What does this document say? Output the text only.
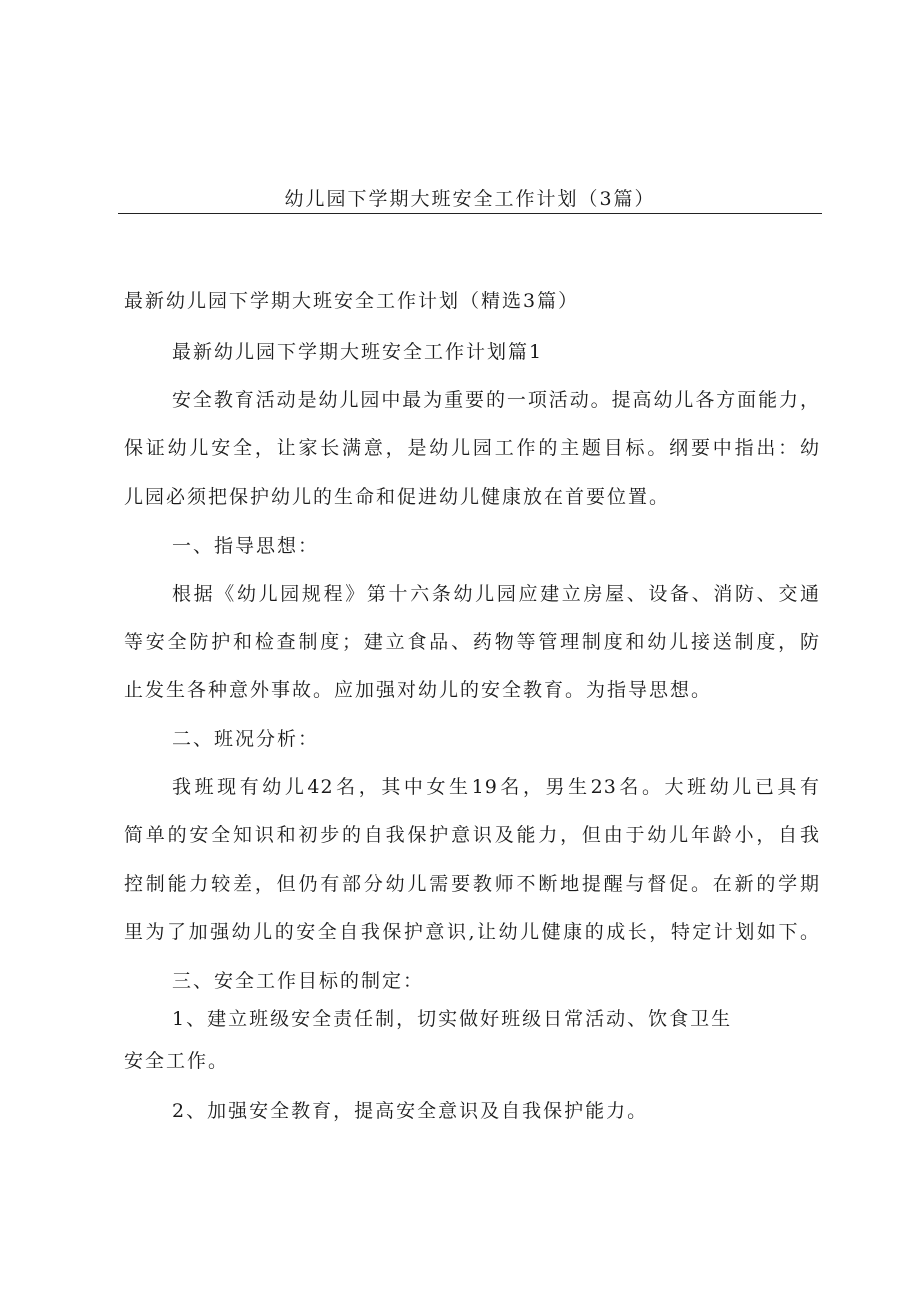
幼儿园下学期大班安全工作计划（3篇）
最新幼儿园下学期大班安全工作计划（精选3篇）
最新幼儿园下学期大班安全工作计划篇1
安全教育活动是幼儿园中最为重要的一项活动。提高幼儿各方面能力，
保证幼儿安全，让家长满意，是幼儿园工作的主题目标。纲要中指出：幼
儿园必须把保护幼儿的生命和促进幼儿健康放在首要位置。
一、指导思想：
根据《幼儿园规程》第十六条幼儿园应建立房屋、设备、消防、交通
等安全防护和检查制度；建立食品、药物等管理制度和幼儿接送制度，防
止发生各种意外事故。应加强对幼儿的安全教育。为指导思想。
二、班况分析：
我班现有幼儿42名，其中女生19名，男生23名。大班幼儿已具有
简单的安全知识和初步的自我保护意识及能力，但由于幼儿年龄小，自我
控制能力较差，但仍有部分幼儿需要教师不断地提醒与督促。在新的学期
里为了加强幼儿的安全自我保护意识,让幼儿健康的成长，特定计划如下。
三、安全工作目标的制定：
1、建立班级安全责任制，切实做好班级日常活动、饮食卫生
安全工作。
2、加强安全教育，提高安全意识及自我保护能力。
